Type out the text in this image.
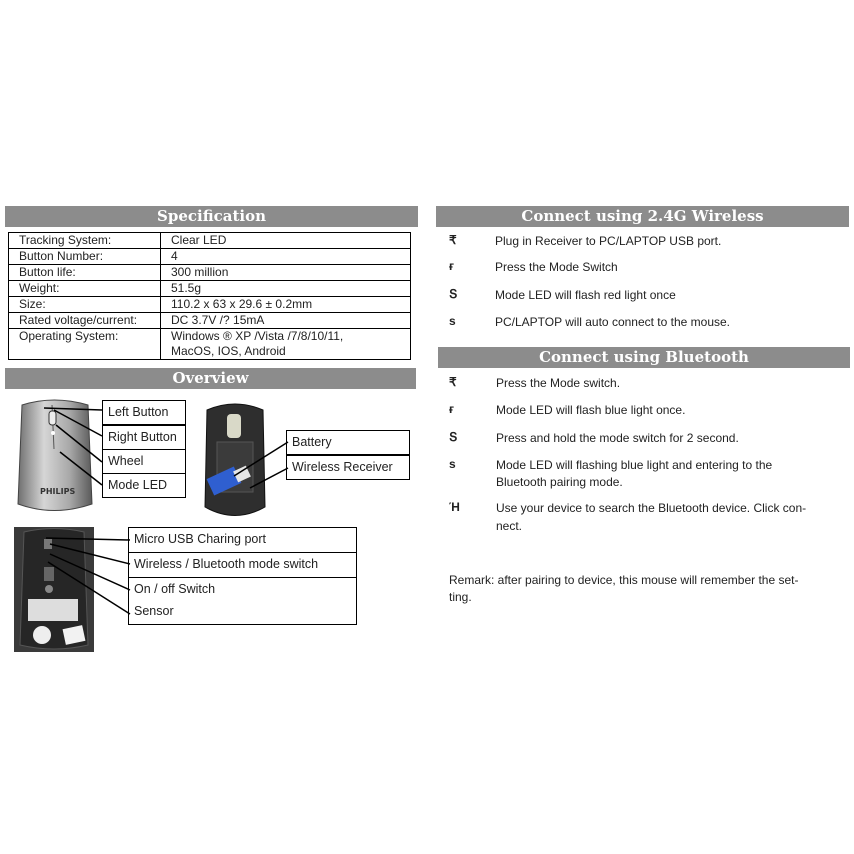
Specification
Tracking System:	Clear LED
Button Number:	4
Button life:	300 million
Weight:	51.5g
Size:	110.2 x 63 x 29.6 ± 0.2mm
Rated voltage/current:	DC 3.7V /? 15mA
Operating System:	Windows ® XP /Vista /7/8/10/11,
MacOS, IOS, Android
Overview
PHILIPS
Left Button
Right Button
Wheel
Mode LED
Battery
Wireless Receiver
Micro USB Charing port
Wireless / Bluetooth mode switch
On / off Switch
Sensor
Connect using 2.4G Wireless
₹	Plug in Receiver to PC/LAPTOP USB port.
ғ	Press the Mode Switch
Տ	Mode LED will flash red light once
ѕ	PC/LAPTOP will auto connect to the mouse.
Connect using Bluetooth
₹	Press the Mode switch.
ғ	Mode LED will flash blue light once.
Տ	Press and hold the mode switch for 2 second.
ѕ	Mode LED will flashing blue light and entering to the
Bluetooth pairing mode.
Ή	Use your device to search the Bluetooth device. Click con-
nect.
Remark: after pairing to device, this mouse will remember the set-
ting.
